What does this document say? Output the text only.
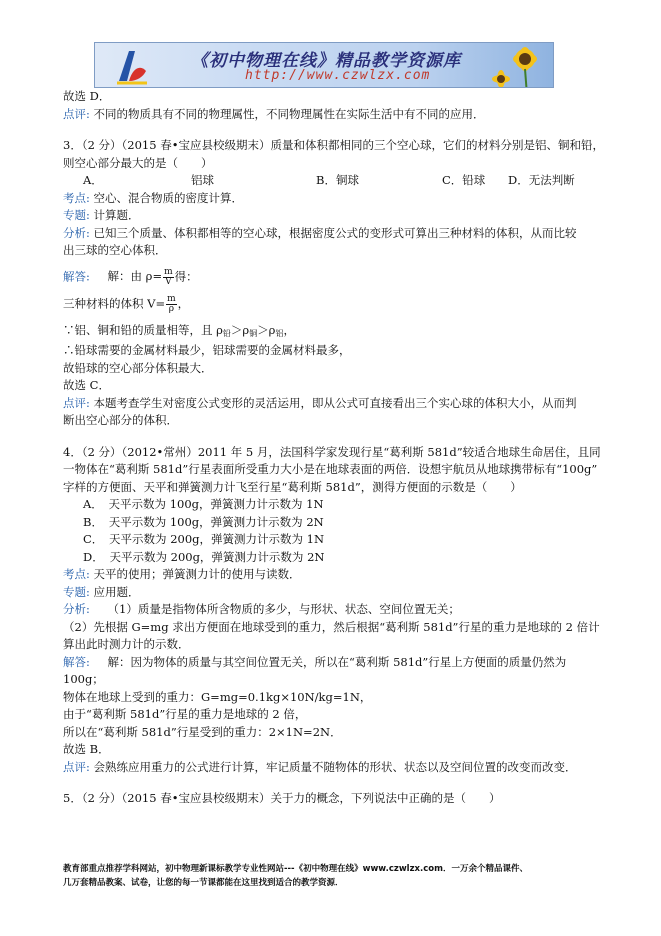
《初中物理在线》精品教学资源库
http://www.czwlzx.com
故选 D．
点评: 不同的物质具有不同的物理属性，不同物理属性在实际生活中有不同的应用．
3．（2 分）（2015 春•宝应县校级期末）质量和体积都相同的三个空心球，它们的材料分别是铝、铜和铅，
则空心部分最大的是（　　）
A．	铝球	B．铜球	C．铅球	D．无法判断
考点: 空心、混合物质的密度计算．
专题: 计算题．
分析: 已知三个质量、体积都相等的空心球，根据密度公式的变形式可算出三种材料的体积，从而比较
出三球的空心体积．
解答: 解：由 $\rho= \frac{m}{V}$ 得：
三种材料的体积 $V= \frac{m}{\rho}$ ，
∵铝、铜和铅的质量相等，且 $\rho_铅>\rho_铜>\rho_铝$，
∴铅球需要的金属材料最少，铝球需要的金属材料最多，
故铅球的空心部分体积最大．
故选 C．
点评: 本题考查学生对密度公式变形的灵活运用，即从公式可直接看出三个实心球的体积大小，从而判
断出空心部分的体积．
4．（2 分）（2012•常州）2011 年 5 月，法国科学家发现行星“葛利斯 581d”较适合地球生命居住，且同
一物体在“葛利斯 581d”行星表面所受重力大小是在地球表面的两倍．设想宇航员从地球携带标有“100g”
字样的方便面、天平和弹簧测力计飞至行星“葛利斯 581d”，测得方便面的示数是（　　）
A．　天平示数为 100g，弹簧测力计示数为 1N
B．　天平示数为 100g，弹簧测力计示数为 2N
C．　天平示数为 200g，弹簧测力计示数为 1N
D．　天平示数为 200g，弹簧测力计示数为 2N
考点: 天平的使用；弹簧测力计的使用与读数．
专题: 应用题．
分析: （1）质量是指物体所含物质的多少，与形状、状态、空间位置无关；
（2）先根据 G=mg 求出方便面在地球受到的重力，然后根据“葛利斯 581d”行星的重力是地球的 2 倍计
算出此时测力计的示数．
解答: 解：因为物体的质量与其空间位置无关，所以在“葛利斯 581d”行星上方便面的质量仍然为
100g；
物体在地球上受到的重力：G=mg=0.1kg×10N/kg=1N，
由于“葛利斯 581d”行星的重力是地球的 2 倍，
所以在“葛利斯 581d”行星受到的重力：2×1N=2N．
故选 B．
点评: 会熟练应用重力的公式进行计算，牢记质量不随物体的形状、状态以及空间位置的改变而改变．
5．（2 分）（2015 春•宝应县校级期末）关于力的概念，下列说法中正确的是（　　）
教育部重点推荐学科网站，初中物理新课标教学专业性网站---《初中物理在线》www.czwlzx.com．一万余个精品课件、
几万套精品教案、试卷，让您的每一节课都能在这里找到适合的教学资源．
